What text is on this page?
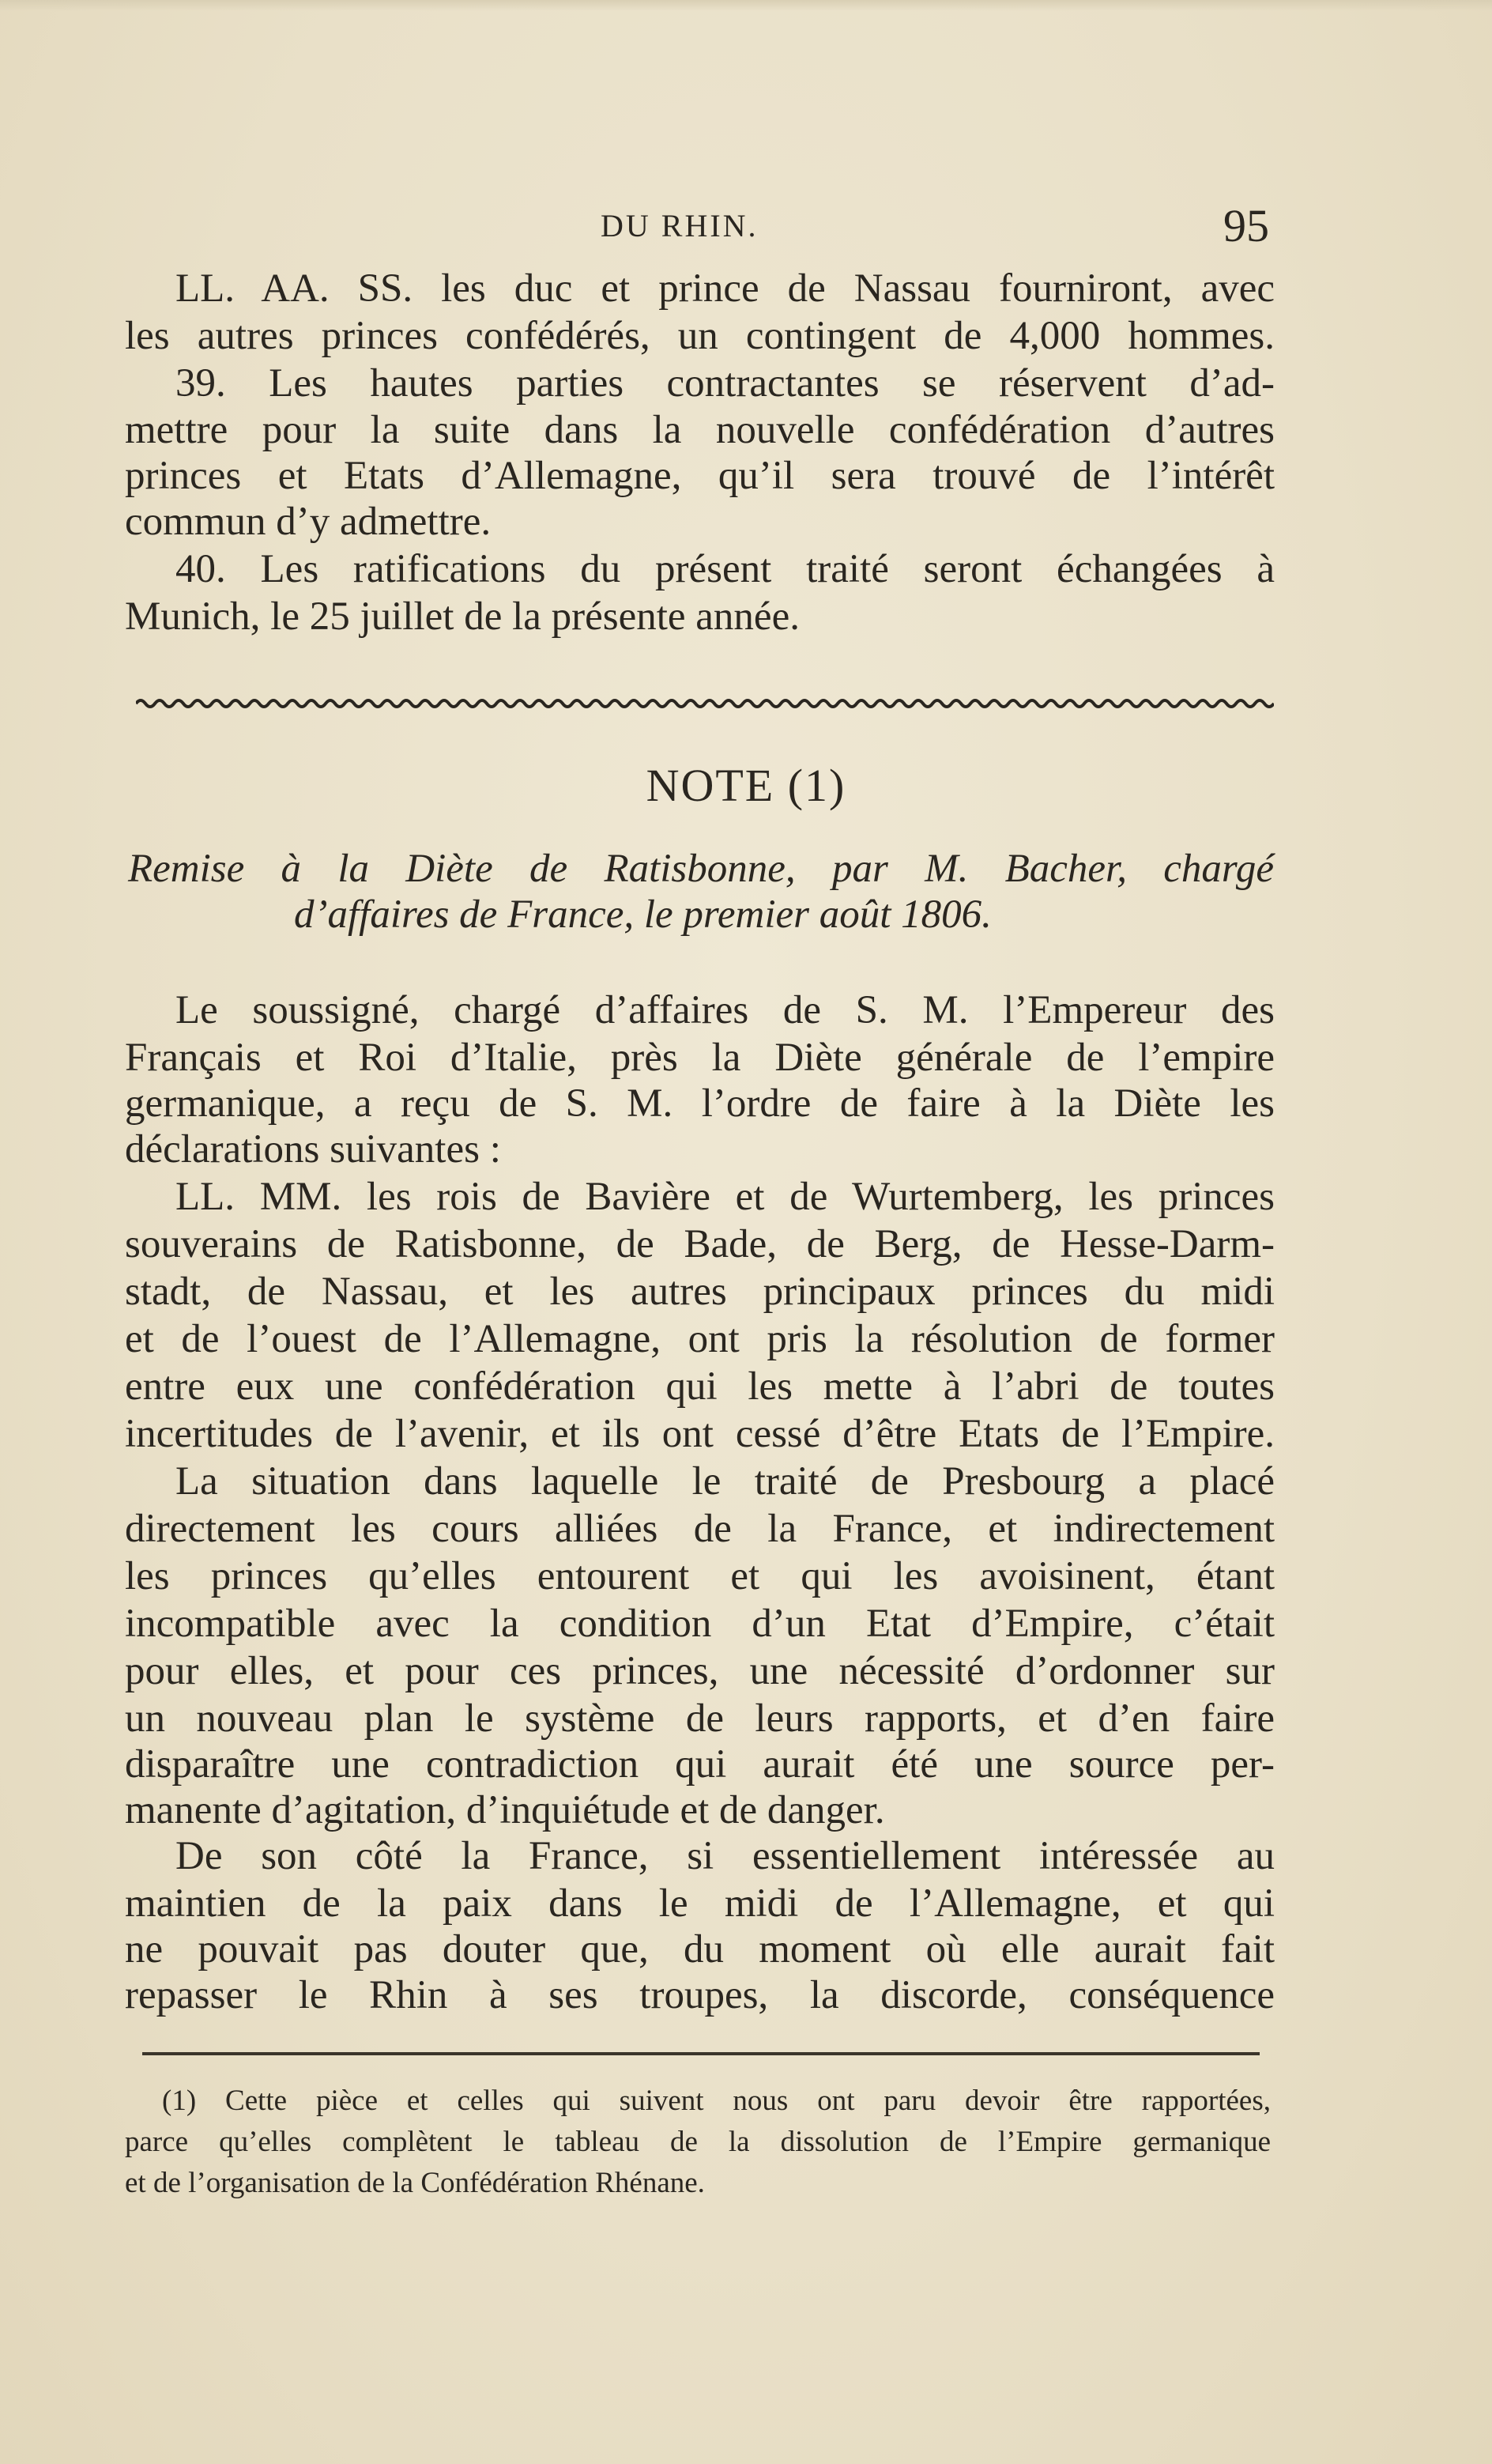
DU RHIN.	95
LL. AA. SS. les duc et prince de Nassau fourniront, avec
les autres princes confédérés, un contingent de 4,000 hommes.
39. Les hautes parties contractantes se réservent d’ad-
mettre pour la suite dans la nouvelle confédération d’autres
princes et Etats d’Allemagne, qu’il sera trouvé de l’intérêt
commun d’y admettre.
40. Les ratifications du présent traité seront échangées à
Munich, le 25 juillet de la présente année.
NOTE (1)
Remise à la Diète de Ratisbonne, par M. Bacher, chargé
d’affaires de France, le premier août 1806.
Le soussigné, chargé d’affaires de S. M. l’Empereur des
Français et Roi d’Italie, près la Diète générale de l’empire
germanique, a reçu de S. M. l’ordre de faire à la Diète les
déclarations suivantes :
LL. MM. les rois de Bavière et de Wurtemberg, les princes
souverains de Ratisbonne, de Bade, de Berg, de Hesse-Darm-
stadt, de Nassau, et les autres principaux princes du midi
et de l’ouest de l’Allemagne, ont pris la résolution de former
entre eux une confédération qui les mette à l’abri de toutes
incertitudes de l’avenir, et ils ont cessé d’être Etats de l’Empire.
La situation dans laquelle le traité de Presbourg a placé
directement les cours alliées de la France, et indirectement
les princes qu’elles entourent et qui les avoisinent, étant
incompatible avec la condition d’un Etat d’Empire, c’était
pour elles, et pour ces princes, une nécessité d’ordonner sur
un nouveau plan le système de leurs rapports, et d’en faire
disparaître une contradiction qui aurait été une source per-
manente d’agitation, d’inquiétude et de danger.
De son côté la France, si essentiellement intéressée au
maintien de la paix dans le midi de l’Allemagne, et qui
ne pouvait pas douter que, du moment où elle aurait fait
repasser le Rhin à ses troupes, la discorde, conséquence
(1) Cette pièce et celles qui suivent nous ont paru devoir être rapportées,
parce qu’elles complètent le tableau de la dissolution de l’Empire germanique
et de l’organisation de la Confédération Rhénane.
